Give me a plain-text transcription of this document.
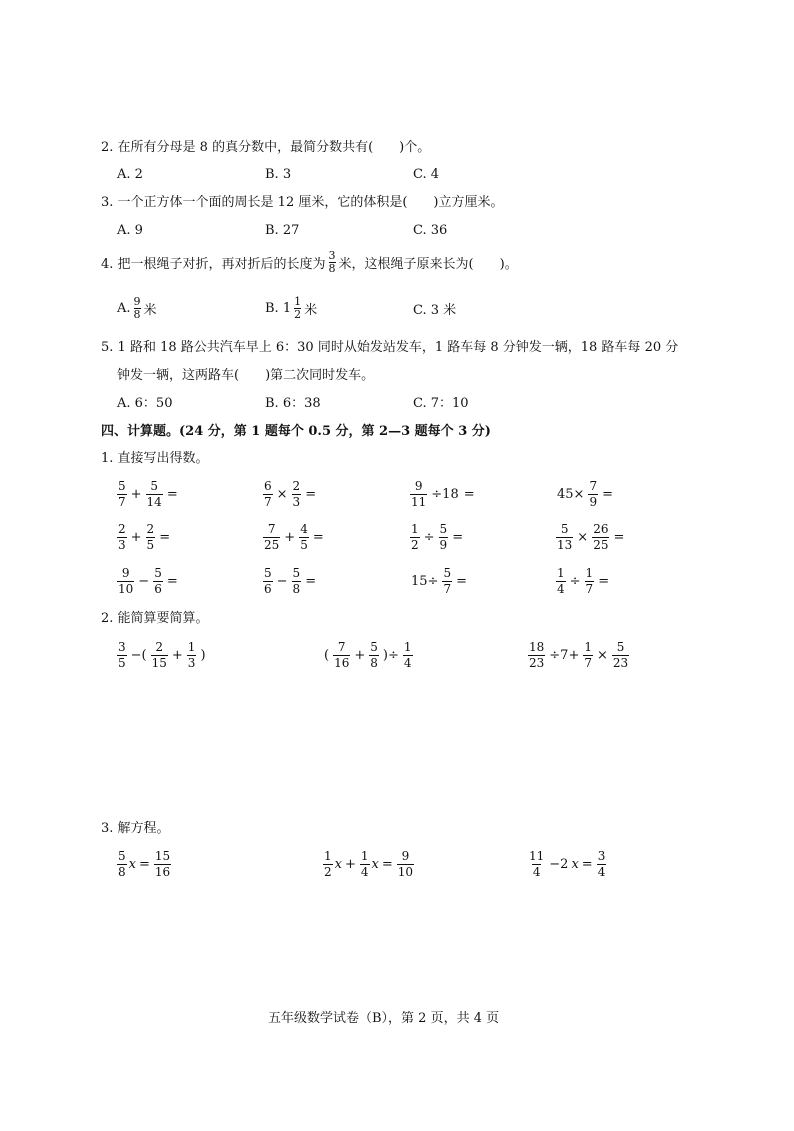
2. 在所有分母是 8 的真分数中，最简分数共有(　　)个。
A. 2	B. 3	C. 4
3. 一个正方体一个面的周长是 12 厘米，它的体积是(　　)立方厘米。
A. 9	B. 27	C. 36
4. 把一根绳子对折，再对折后的长度为 $\frac{3}{8}$ 米，这根绳子原来长为(　　)。
A. $\frac{9}{8}$ 米	B. $1 \frac{1}{2}$ 米	C. 3 米
5. 1 路和 18 路公共汽车早上 6：30 同时从始发站发车，1 路车每 8 分钟发一辆，18 路车每 20 分
钟发一辆，这两路车(　　)第二次同时发车。
A. 6：50	B. 6：38	C. 7：10
四、计算题。(24 分，第 1 题每个 0.5 分，第 2—3 题每个 3 分)
1. 直接写出得数。
$\frac{5}{7} + \frac{5}{14}$ =	$\frac{6}{7} \times \frac{2}{3}$ =	$\frac{9}{11} \div 18$ =	$45\times \frac{7}{9}$ =
$\frac{2}{3} + \frac{2}{5}$ =	$\frac{7}{25} + \frac{4}{5}$ =	$\frac{1}{2} \div \frac{5}{9}$ =	$\frac{5}{13} \times \frac{26}{25}$ =
$\frac{9}{10} - \frac{5}{6}$ =	$\frac{5}{6} - \frac{5}{8}$ =	$15\div \frac{5}{7}$ =	$\frac{1}{4} \div \frac{1}{7}$ =
2. 能简算要简算。
$\frac{3}{5}$ −( $\frac{2}{15} + \frac{1}{3}$ )	( $\frac{7}{16} + \frac{5}{8}$ )÷ $\frac{1}{4}$	$\frac{18}{23} \div 7+ \frac{1}{7} \times \frac{5}{23}$
3. 解方程。
$\frac{5}{8}$ $x = \frac{15}{16}$	$\frac{1}{2}$ $x + \frac{1}{4}$ $x = \frac{9}{10}$	$\frac{11}{4} -2$ $x = \frac{3}{4}$
五年级数学试卷（B），第 2 页，共 4 页
